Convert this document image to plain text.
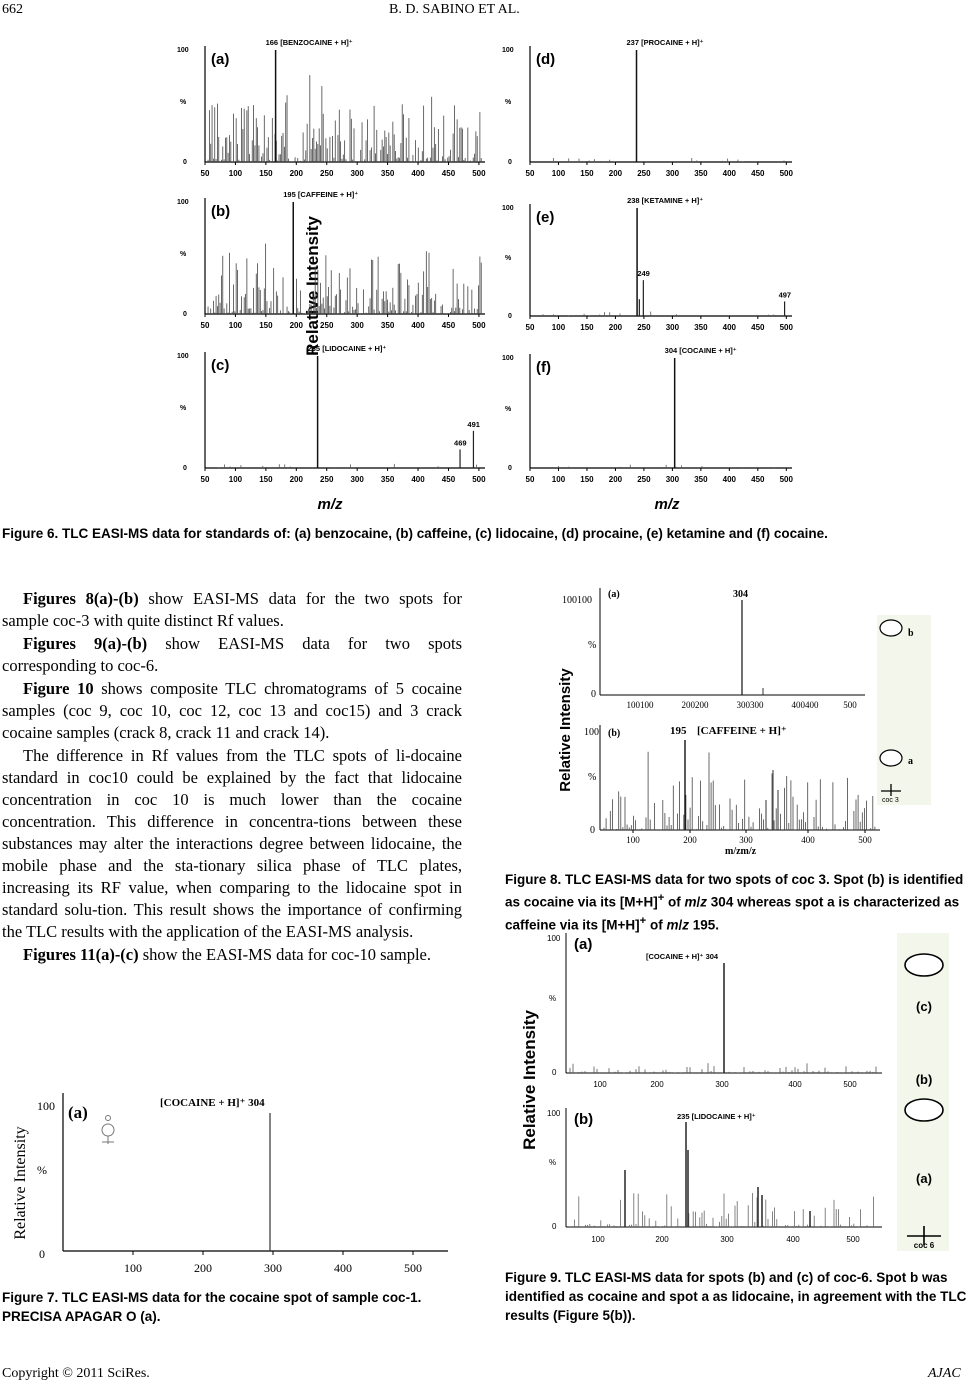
662	B. D. SABINO ET AL.
Relative Intensity
m/z	m/z
100
%
0
(a)
50 100 150 200 250 300 350 400 450 500
166 [BENZOCAINE + H]⁺
100
%
0
(b)
50 100 150 200 250 300 350 400 450 500
195 [CAFFEINE + H]⁺
100
%
0
(c)
50 100 150 200 250 300 350 400 450 500
235 [LIDOCAINE + H]⁺
469
491
100
%
0
(d)
50 100 150 200 250 300 350 400 450 500
237 [PROCAINE + H]⁺
100
%
0
(e)
50 100 150 200 250 300 350 400 450 500
238 [KETAMINE + H]⁺
249
497
100
%
0
(f)
50 100 150 200 250 300 350 400 450 500
304 [COCAINE + H]⁺
Figure 6. TLC EASI-MS data for standards of: (a) benzocaine, (b) caffeine, (c) lidocaine, (d) procaine, (e) ketamine and (f) cocaine.

Figures 8(a)-(b) show EASI-MS data for the two spots for sample coc-3 with quite distinct Rf values.

Figures 9(a)-(b) show EASI-MS data for two spots corresponding to coc-6.

Figure 10 shows composite TLC chromatograms of 5 cocaine samples (coc 9, coc 10, coc 12, coc 13 and coc15) and 3 crack cocaine samples (crack 8, crack 11 and crack 14).

The difference in Rf values from the TLC spots of li-docaine standard in coc10 could be explained by the fact that lidocaine concentration in coc 10 is much lower than the cocaine concentration. This difference in concentra-tions between these substances may alter the interactions degree between lidocaine, the mobile phase and the sta-tionary silica phase of TLC plates, increasing its RF value, when comparing to the lidocaine spot in standard solu-tion. This result shows the importance of confirming the TLC results with the application of the EASI-MS analysis.

Figures 11(a)-(c) show the EASI-MS data for coc-10 sample.

Relative Intensity
100
%
0
(a)	[COCAINE + H]⁺ 304
100	200	300	400	500
Figure 7. TLC EASI-MS data for the cocaine spot of sample coc-1. PRECISA APAGAR O (a).
Relative Intensity
100100
%
0
(a)	304
100100	200200	300300	400400	500
100
%
0
(b)	195 [CAFFEINE + H]⁺
100	200	300	400	500
m/zm/z
b
a
coc 3
Figure 8. TLC EASI-MS data for two spots of coc 3. Spot (b) is identified as cocaine via its [M+H]+ of m/z 304 whereas spot a is characterized as caffeine via its [M+H]+ of m/z 195.
Relative Intensity
100
%
0
(a)
[COCAINE + H]⁺ 304
100	200	300	400	500
100
%
0
(b)	235 [LIDOCAINE + H]⁺
100	200	300	400	500
(c)
(b)
(a)
coc 6
Figure 9. TLC EASI-MS data for spots (b) and (c) of coc-6. Spot b was identified as cocaine and spot a as lidocaine, in agreement with the TLC results (Figure 5(b)).
Copyright © 2011 SciRes.	AJAC
